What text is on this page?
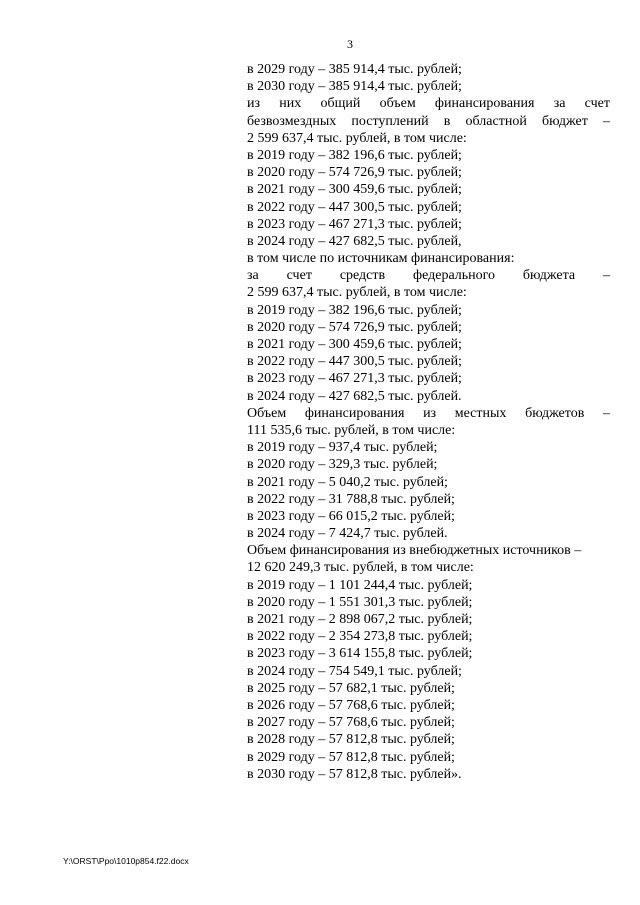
3
в 2029 году – 385 914,4 тыс. рублей;
в 2030 году – 385 914,4 тыс. рублей;
из них общий объем финансирования за счет
безвозмездных поступлений в областной бюджет –
2 599 637,4 тыс. рублей, в том числе:
в 2019 году – 382 196,6 тыс. рублей;
в 2020 году – 574 726,9 тыс. рублей;
в 2021 году – 300 459,6 тыс. рублей;
в 2022 году – 447 300,5 тыс. рублей;
в 2023 году – 467 271,3 тыс. рублей;
в 2024 году – 427 682,5 тыс. рублей,
в том числе по источникам финансирования:
за счет средств федерального бюджета –
2 599 637,4 тыс. рублей, в том числе:
в 2019 году – 382 196,6 тыс. рублей;
в 2020 году – 574 726,9 тыс. рублей;
в 2021 году – 300 459,6 тыс. рублей;
в 2022 году – 447 300,5 тыс. рублей;
в 2023 году – 467 271,3 тыс. рублей;
в 2024 году – 427 682,5 тыс. рублей.
Объем финансирования из местных бюджетов –
111 535,6 тыс. рублей, в том числе:
в 2019 году – 937,4 тыс. рублей;
в 2020 году – 329,3 тыс. рублей;
в 2021 году – 5 040,2 тыс. рублей;
в 2022 году – 31 788,8 тыс. рублей;
в 2023 году – 66 015,2 тыс. рублей;
в 2024 году – 7 424,7 тыс. рублей.
Объем финансирования из внебюджетных источников –
12 620 249,3 тыс. рублей, в том числе:
в 2019 году – 1 101 244,4 тыс. рублей;
в 2020 году – 1 551 301,3 тыс. рублей;
в 2021 году – 2 898 067,2 тыс. рублей;
в 2022 году – 2 354 273,8 тыс. рублей;
в 2023 году – 3 614 155,8 тыс. рублей;
в 2024 году – 754 549,1 тыс. рублей;
в 2025 году – 57 682,1 тыс. рублей;
в 2026 году – 57 768,6 тыс. рублей;
в 2027 году – 57 768,6 тыс. рублей;
в 2028 году – 57 812,8 тыс. рублей;
в 2029 году – 57 812,8 тыс. рублей;
в 2030 году – 57 812,8 тыс. рублей».
Y:\ORST\Ppo\1010p854.f22.docx
